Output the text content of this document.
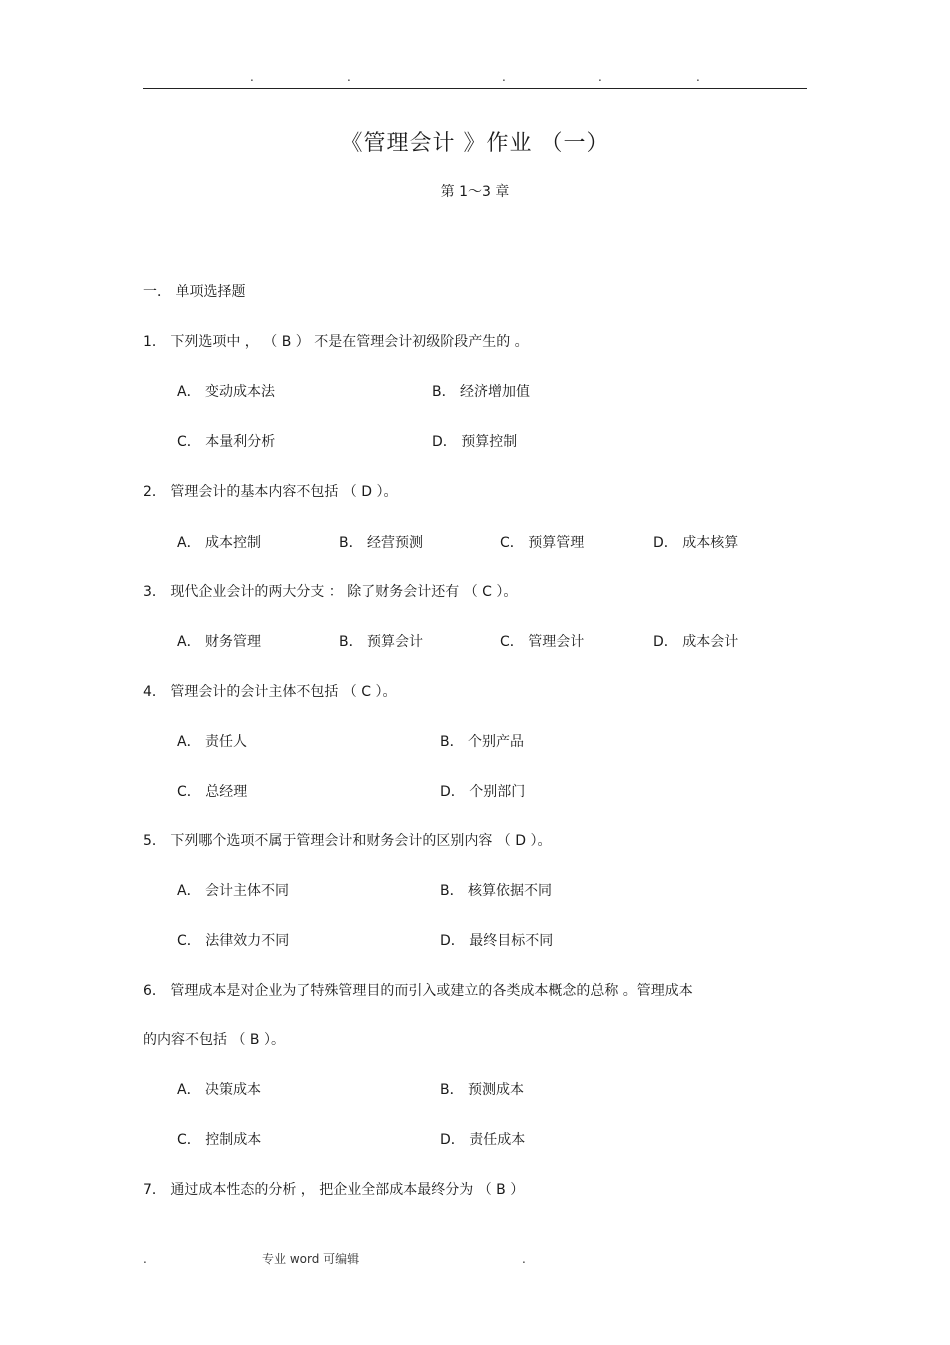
.	.	.	.	.
《管理会计 》作业 （一）
第 1～3 章
一． 单项选择题
1． 下列选项中 ， （ B ） 不是在管理会计初级阶段产生的 。
A． 变动成本法	B． 经济增加值
C． 本量利分析	D． 预算控制
2． 管理会计的基本内容不包括 （ D ）。
A． 成本控制	B． 经营预测	C． 预算管理	D． 成本核算
3． 现代企业会计的两大分支 ： 除了财务会计还有 （ C ）。
A． 财务管理	B． 预算会计	C． 管理会计	D． 成本会计
4． 管理会计的会计主体不包括 （ C ）。
A． 责任人	B． 个别产品
C． 总经理	D． 个别部门
5． 下列哪个选项不属于管理会计和财务会计的区别内容 （ D ）。
A． 会计主体不同	B． 核算依据不同
C． 法律效力不同	D． 最终目标不同
6． 管理成本是对企业为了特殊管理目的而引入或建立的各类成本概念的总称 。管理成本
的内容不包括 （ B ）。
A． 决策成本	B． 预测成本
C． 控制成本	D． 责任成本
7． 通过成本性态的分析 ， 把企业全部成本最终分为 （ B ）
.	专业 word 可编辑	.
